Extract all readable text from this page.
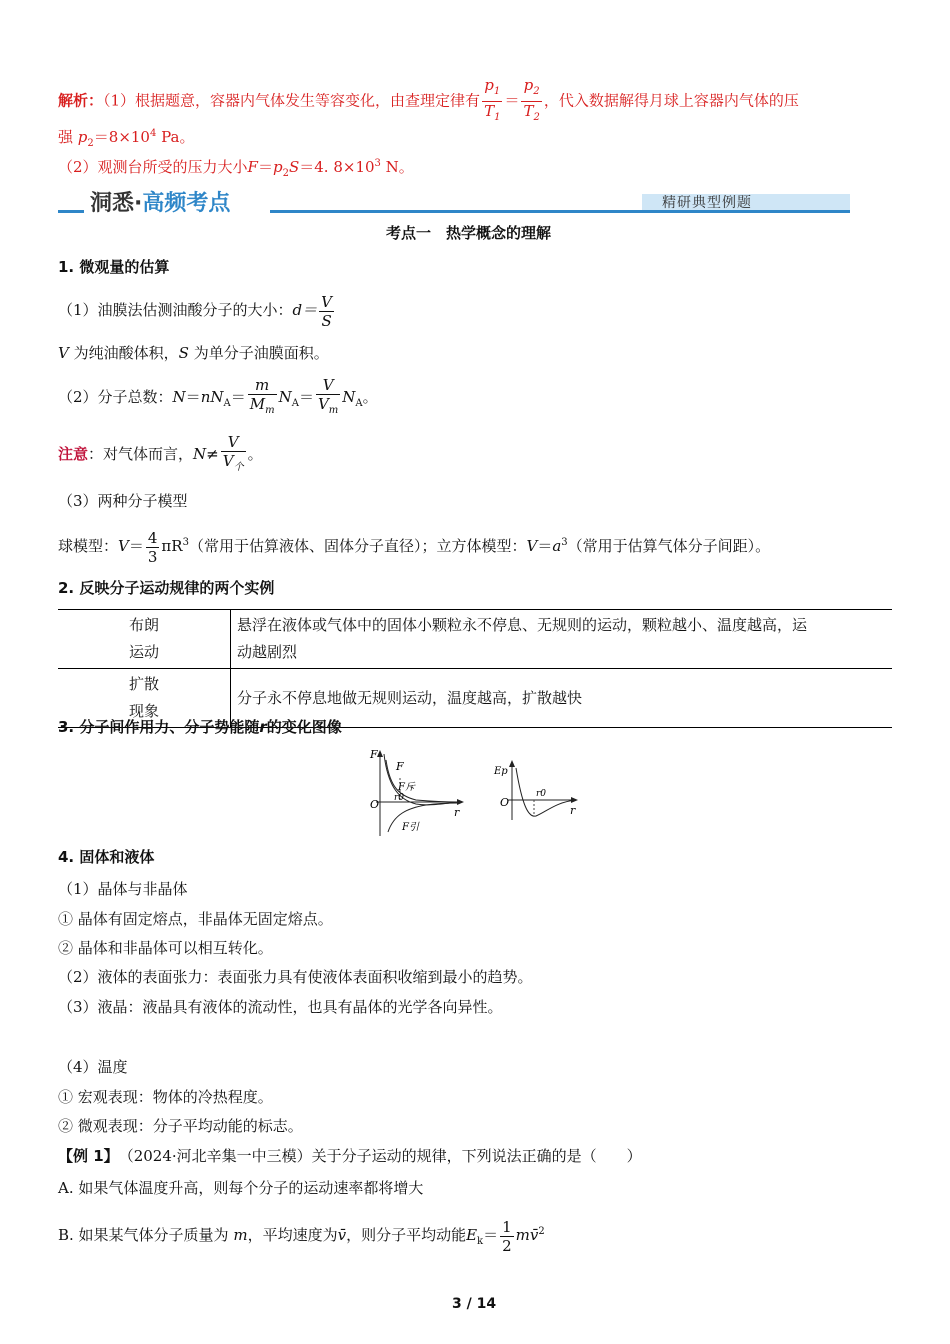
解析：（1）根据题意，容器内气体发生等容变化，由查理定律有 $\frac{p_1}{T_1} = \frac{p_2}{T_2}$ ，代入数据解得月球上容器内气体的压
强 $p_2=8\times 10^4$ Pa。
（2）观测台所受的压力大小$F=p_2S=4$. $8\times 10^3$ N。
洞悉·高频考点	精研典型例题
考点一　热学概念的理解
1. 微观量的估算
（1）油膜法估测油酸分子的大小：$d= \frac{V}{S}$
V 为纯油酸体积，S 为单分子油膜面积。
（2）分子总数：$N=nN_A= \frac{m}{M_m} N_A= \frac{V}{V_m} N_A$。
注意：对气体而言，$N\ne \frac{V}{V_个}$ 。
（3）两种分子模型
球模型：$V= \frac{4}{3} \pi R^3$（常用于估算液体、固体分子直径）；立方体模型：$V=a^3$（常用于估算气体分子间距）。
2. 反映分子运动规律的两个实例
布朗
运动	悬浮在液体或气体中的固体小颗粒永不停息、无规则的运动，颗粒越小、温度越高，运
动越剧烈
扩散
现象	分子永不停息地做无规则运动，温度越高，扩散越快
3. 分子间作用力、分子势能随r的变化图像
F
F
F斥
r0
F引
O
r
Ep
r0
O
r
4. 固体和液体
（1）晶体与非晶体
① 晶体有固定熔点，非晶体无固定熔点。
② 晶体和非晶体可以相互转化。
（2）液体的表面张力：表面张力具有使液体表面积收缩到最小的趋势。
（3）液晶：液晶具有液体的流动性，也具有晶体的光学各向异性。
（4）温度
① 宏观表现：物体的冷热程度。
② 微观表现：分子平均动能的标志。
【例 1】　 （2024·河北辛集一中三模）关于分子运动的规律，下列说法正确的是（　　）
A. 如果气体温度升高，则每个分子的运动速率都将增大
B. 如果某气体分子质量为 m，平均速度为v̄，则分子平均动能$E_k= \frac{1}{2}$ mv̄$^2$
3 / 14
